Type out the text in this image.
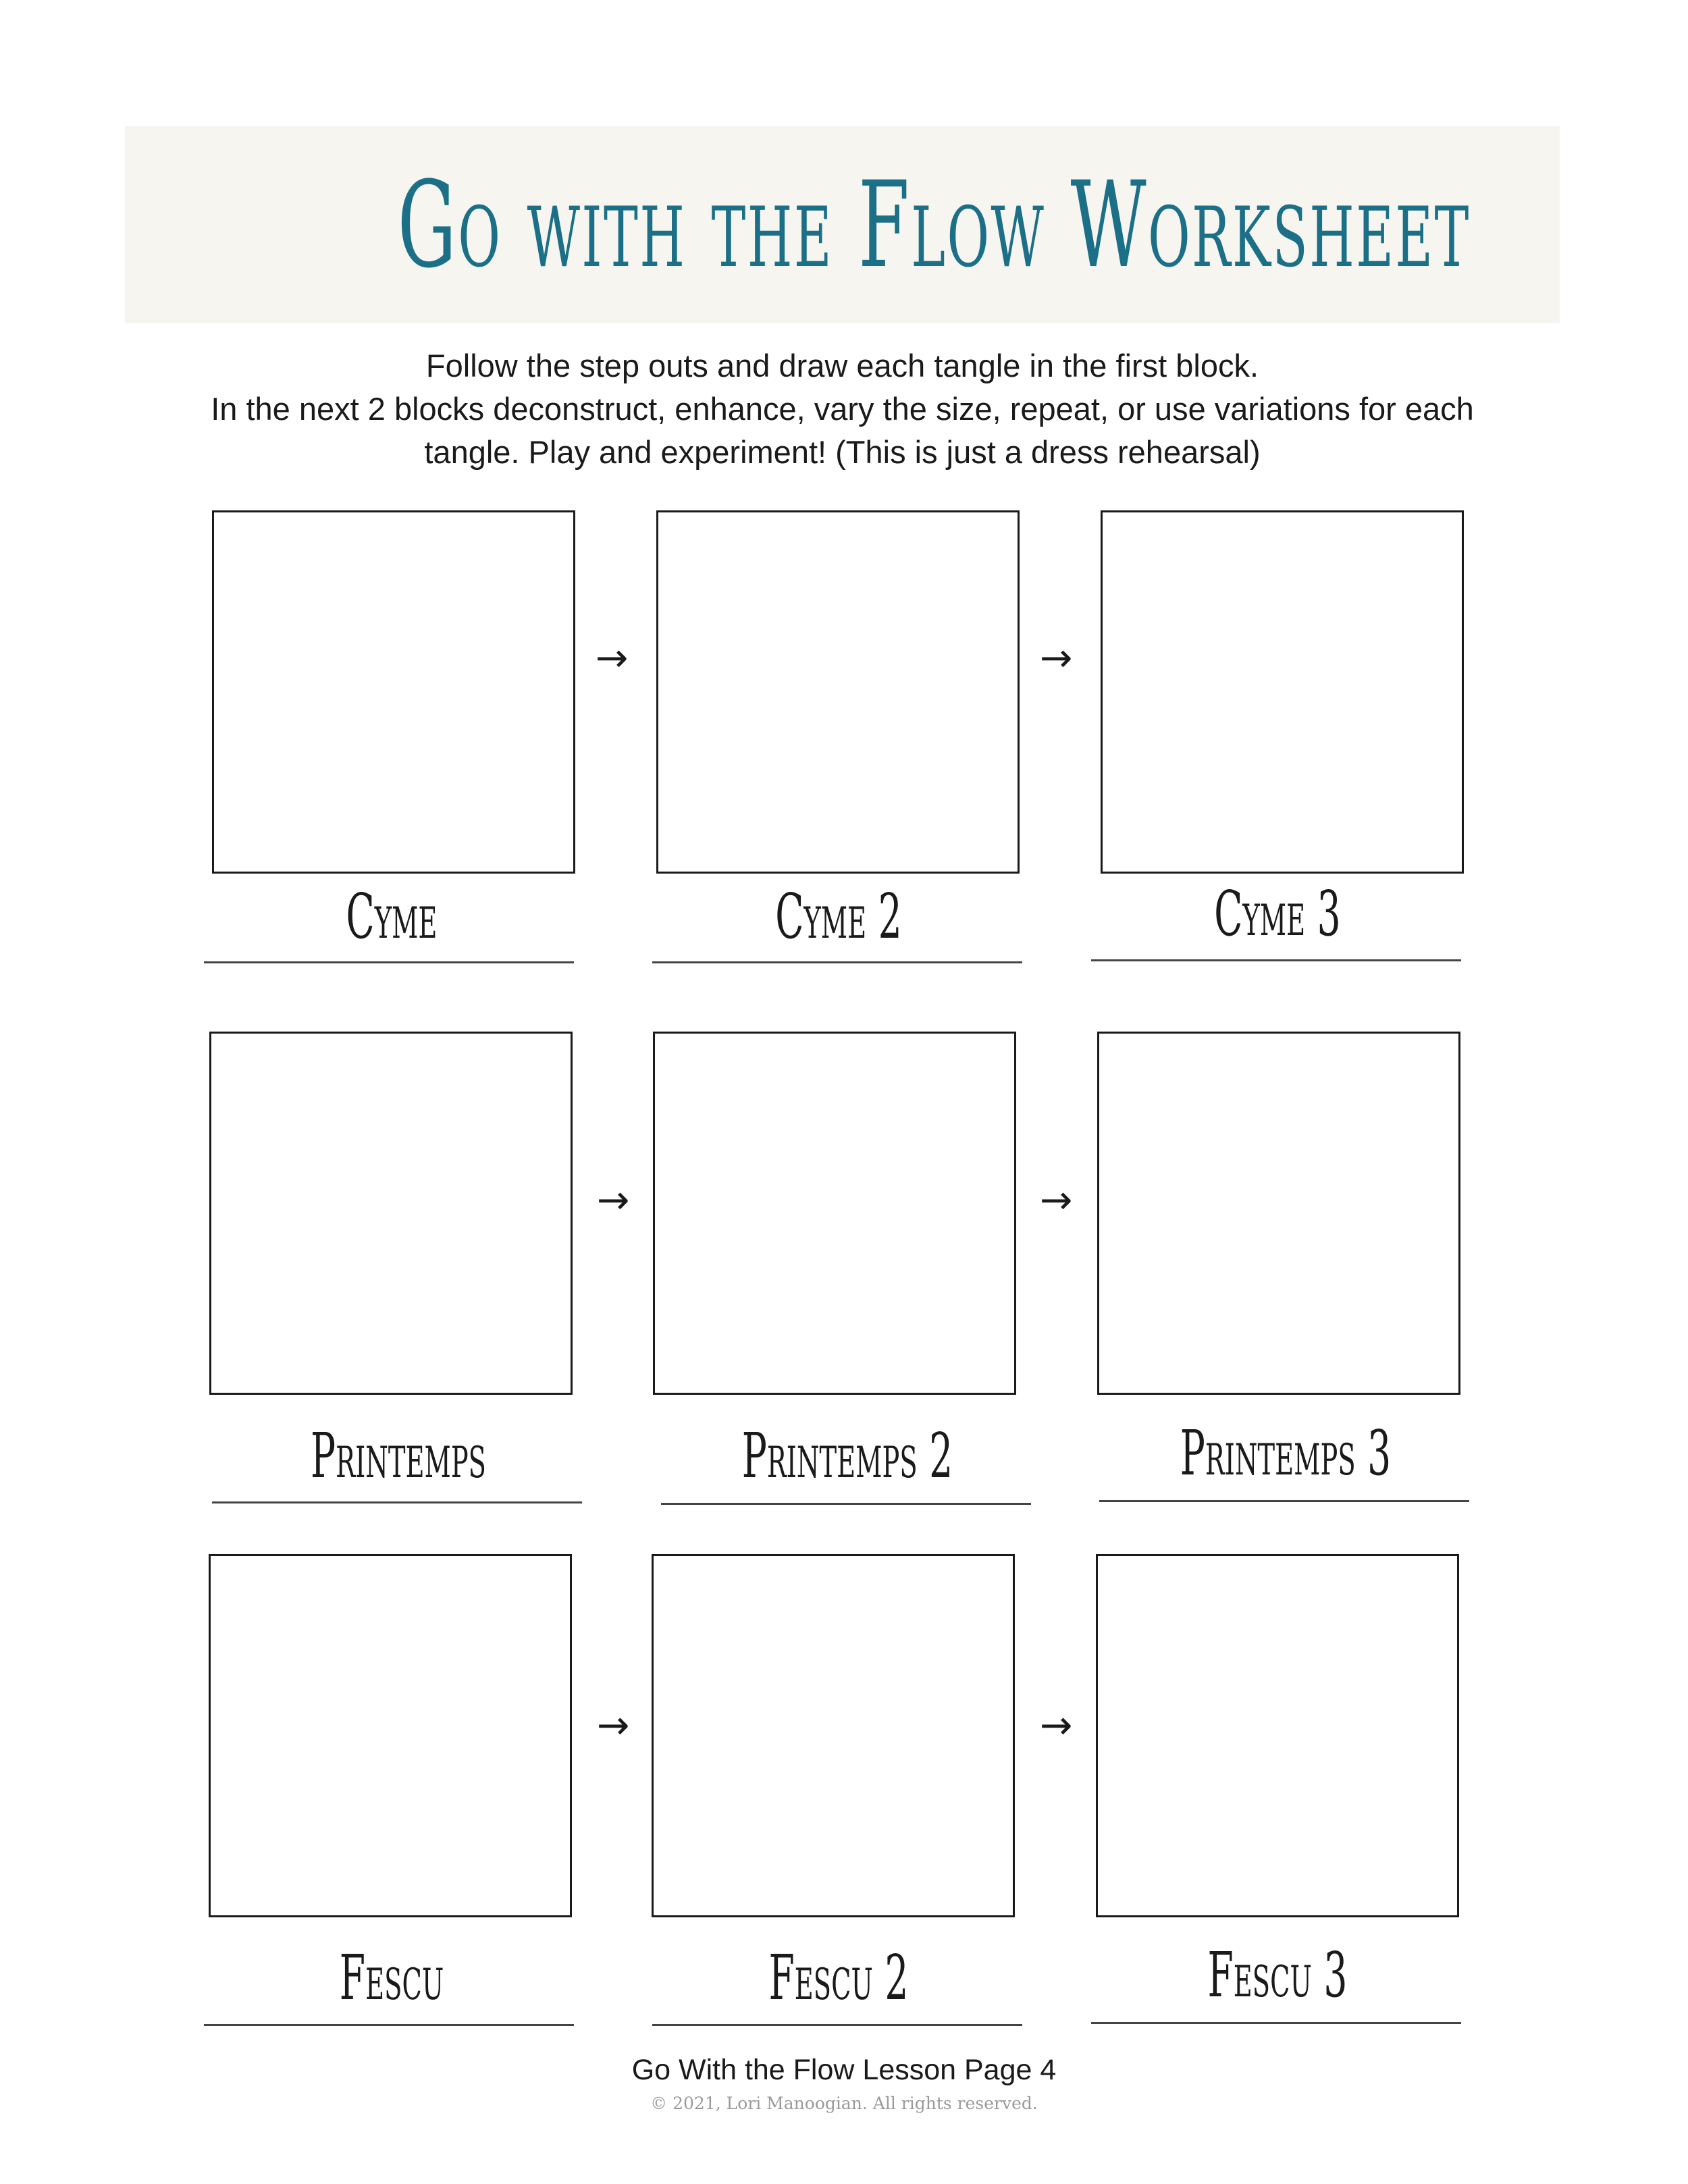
Go with the Flow Worksheet
Follow the step outs and draw each tangle in the first block.
In the next 2 blocks deconstruct, enhance, vary the size, repeat, or use variations for each
tangle. Play and experiment! (This is just a dress rehearsal)
→	→
Cyme	Cyme 2	Cyme 3
→	→
Printemps	Printemps 2	Printemps 3
→	→
Fescu	Fescu 2	Fescu 3
Go With the Flow Lesson Page 4
© 2021, Lori Manoogian. All rights reserved.
